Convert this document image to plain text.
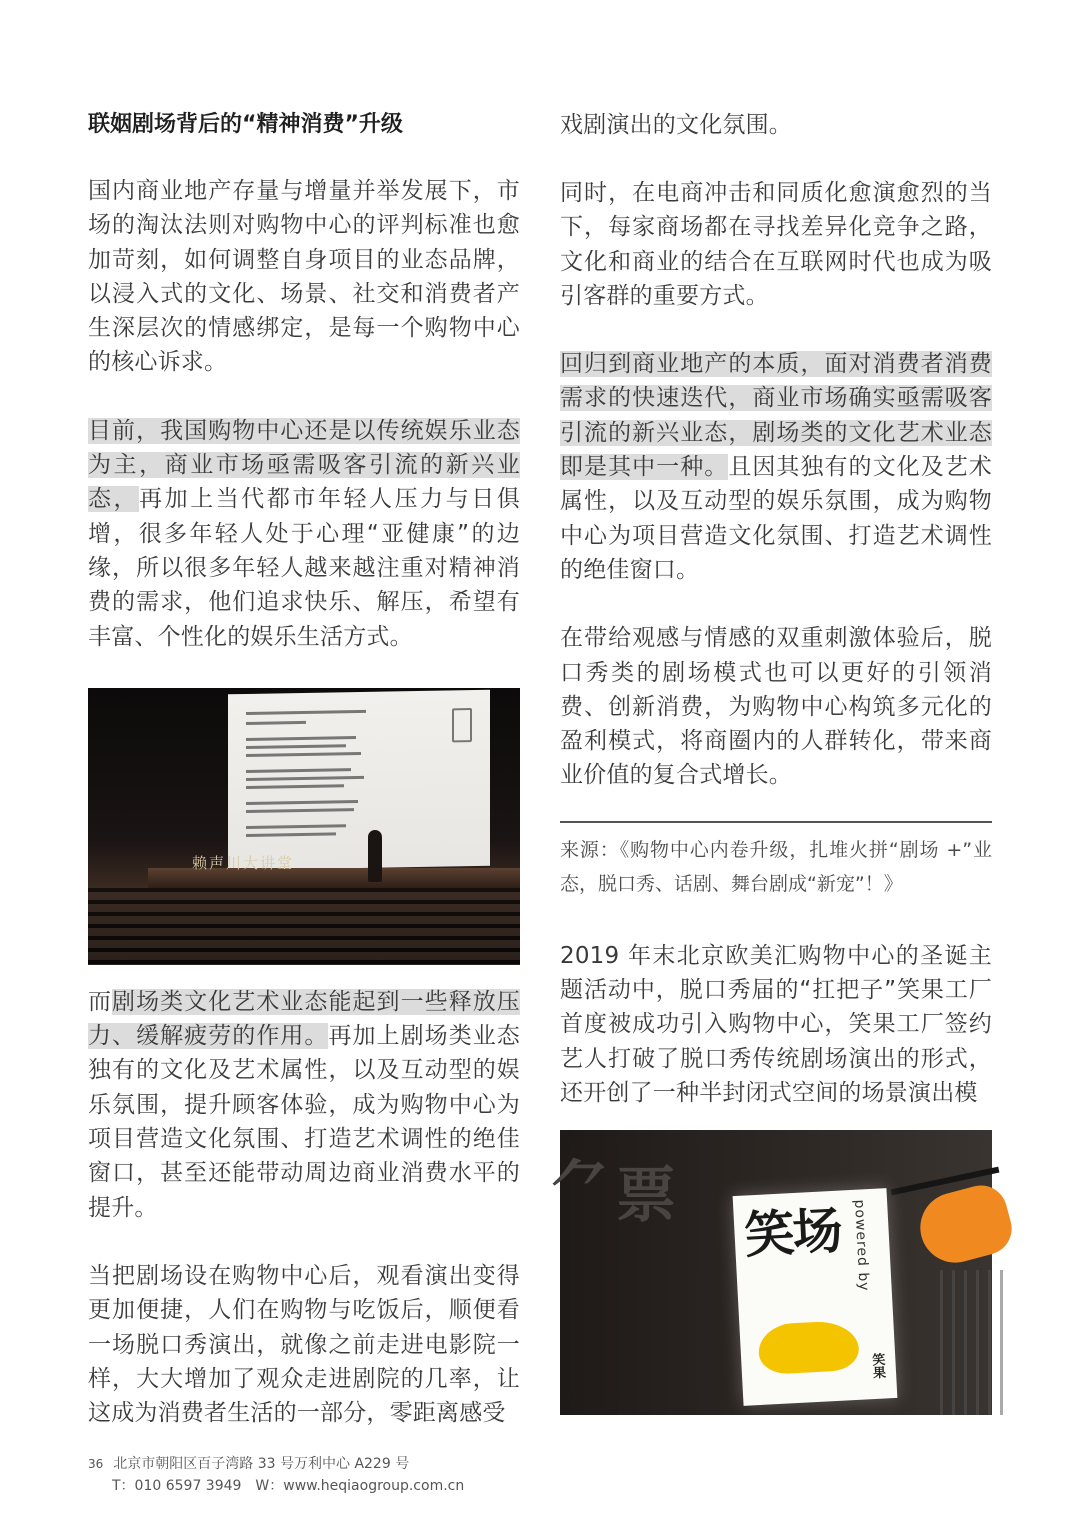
联姻剧场背后的“精神消费”升级

国内商业地产存量与增量并举发展下，市场的淘汰法则对购物中心的评判标准也愈加苛刻，如何调整自身项目的业态品牌，以浸入式的文化、场景、社交和消费者产生深层次的情感绑定，是每一个购物中心的核心诉求。

目前，我国购物中心还是以传统娱乐业态为主，商业市场亟需吸客引流的新兴业态，再加上当代都市年轻人压力与日俱增，很多年轻人处于心理“亚健康”的边缘，所以很多年轻人越来越注重对精神消费的需求，他们追求快乐、解压，希望有丰富、个性化的娱乐生活方式。

赖声川大讲堂

而剧场类文化艺术业态能起到一些释放压力、缓解疲劳的作用。再加上剧场类业态独有的文化及艺术属性，以及互动型的娱乐氛围，提升顾客体验，成为购物中心为项目营造文化氛围、打造艺术调性的绝佳窗口，甚至还能带动周边商业消费水平的提升。

当把剧场设在购物中心后，观看演出变得更加便捷，人们在购物与吃饭后，顺便看一场脱口秀演出，就像之前走进电影院一样，大大增加了观众走进剧院的几率，让这成为消费者生活的一部分，零距离感受

戏剧演出的文化氛围。

同时，在电商冲击和同质化愈演愈烈的当下，每家商场都在寻找差异化竞争之路，文化和商业的结合在互联网时代也成为吸引客群的重要方式。

回归到商业地产的本质，面对消费者消费需求的快速迭代，商业市场确实亟需吸客引流的新兴业态，剧场类的文化艺术业态即是其中一种。且因其独有的文化及艺术属性，以及互动型的娱乐氛围，成为购物中心为项目营造文化氛围、打造艺术调性的绝佳窗口。

在带给观感与情感的双重刺激体验后，脱口秀类的剧场模式也可以更好的引领消费、创新消费，为购物中心构筑多元化的盈利模式，将商圈内的人群转化，带来商业价值的复合式增长。

来源：《购物中心内卷升级，扎堆火拼“剧场 +”业态，脱口秀、话剧、舞台剧成“新宠”！》

2019 年末北京欧美汇购物中心的圣诞主题活动中，脱口秀届的“扛把子”笑果工厂首度被成功引入购物中心，笑果工厂签约艺人打破了脱口秀传统剧场演出的形式，还开创了一种半封闭式空间的场景演出模

⺈ 票
笑场 powered by
笑果
36 北京市朝阳区百子湾路 33 号万利中心 A229 号
T：010 6597 3949　W：www.heqiaogroup.com.cn
